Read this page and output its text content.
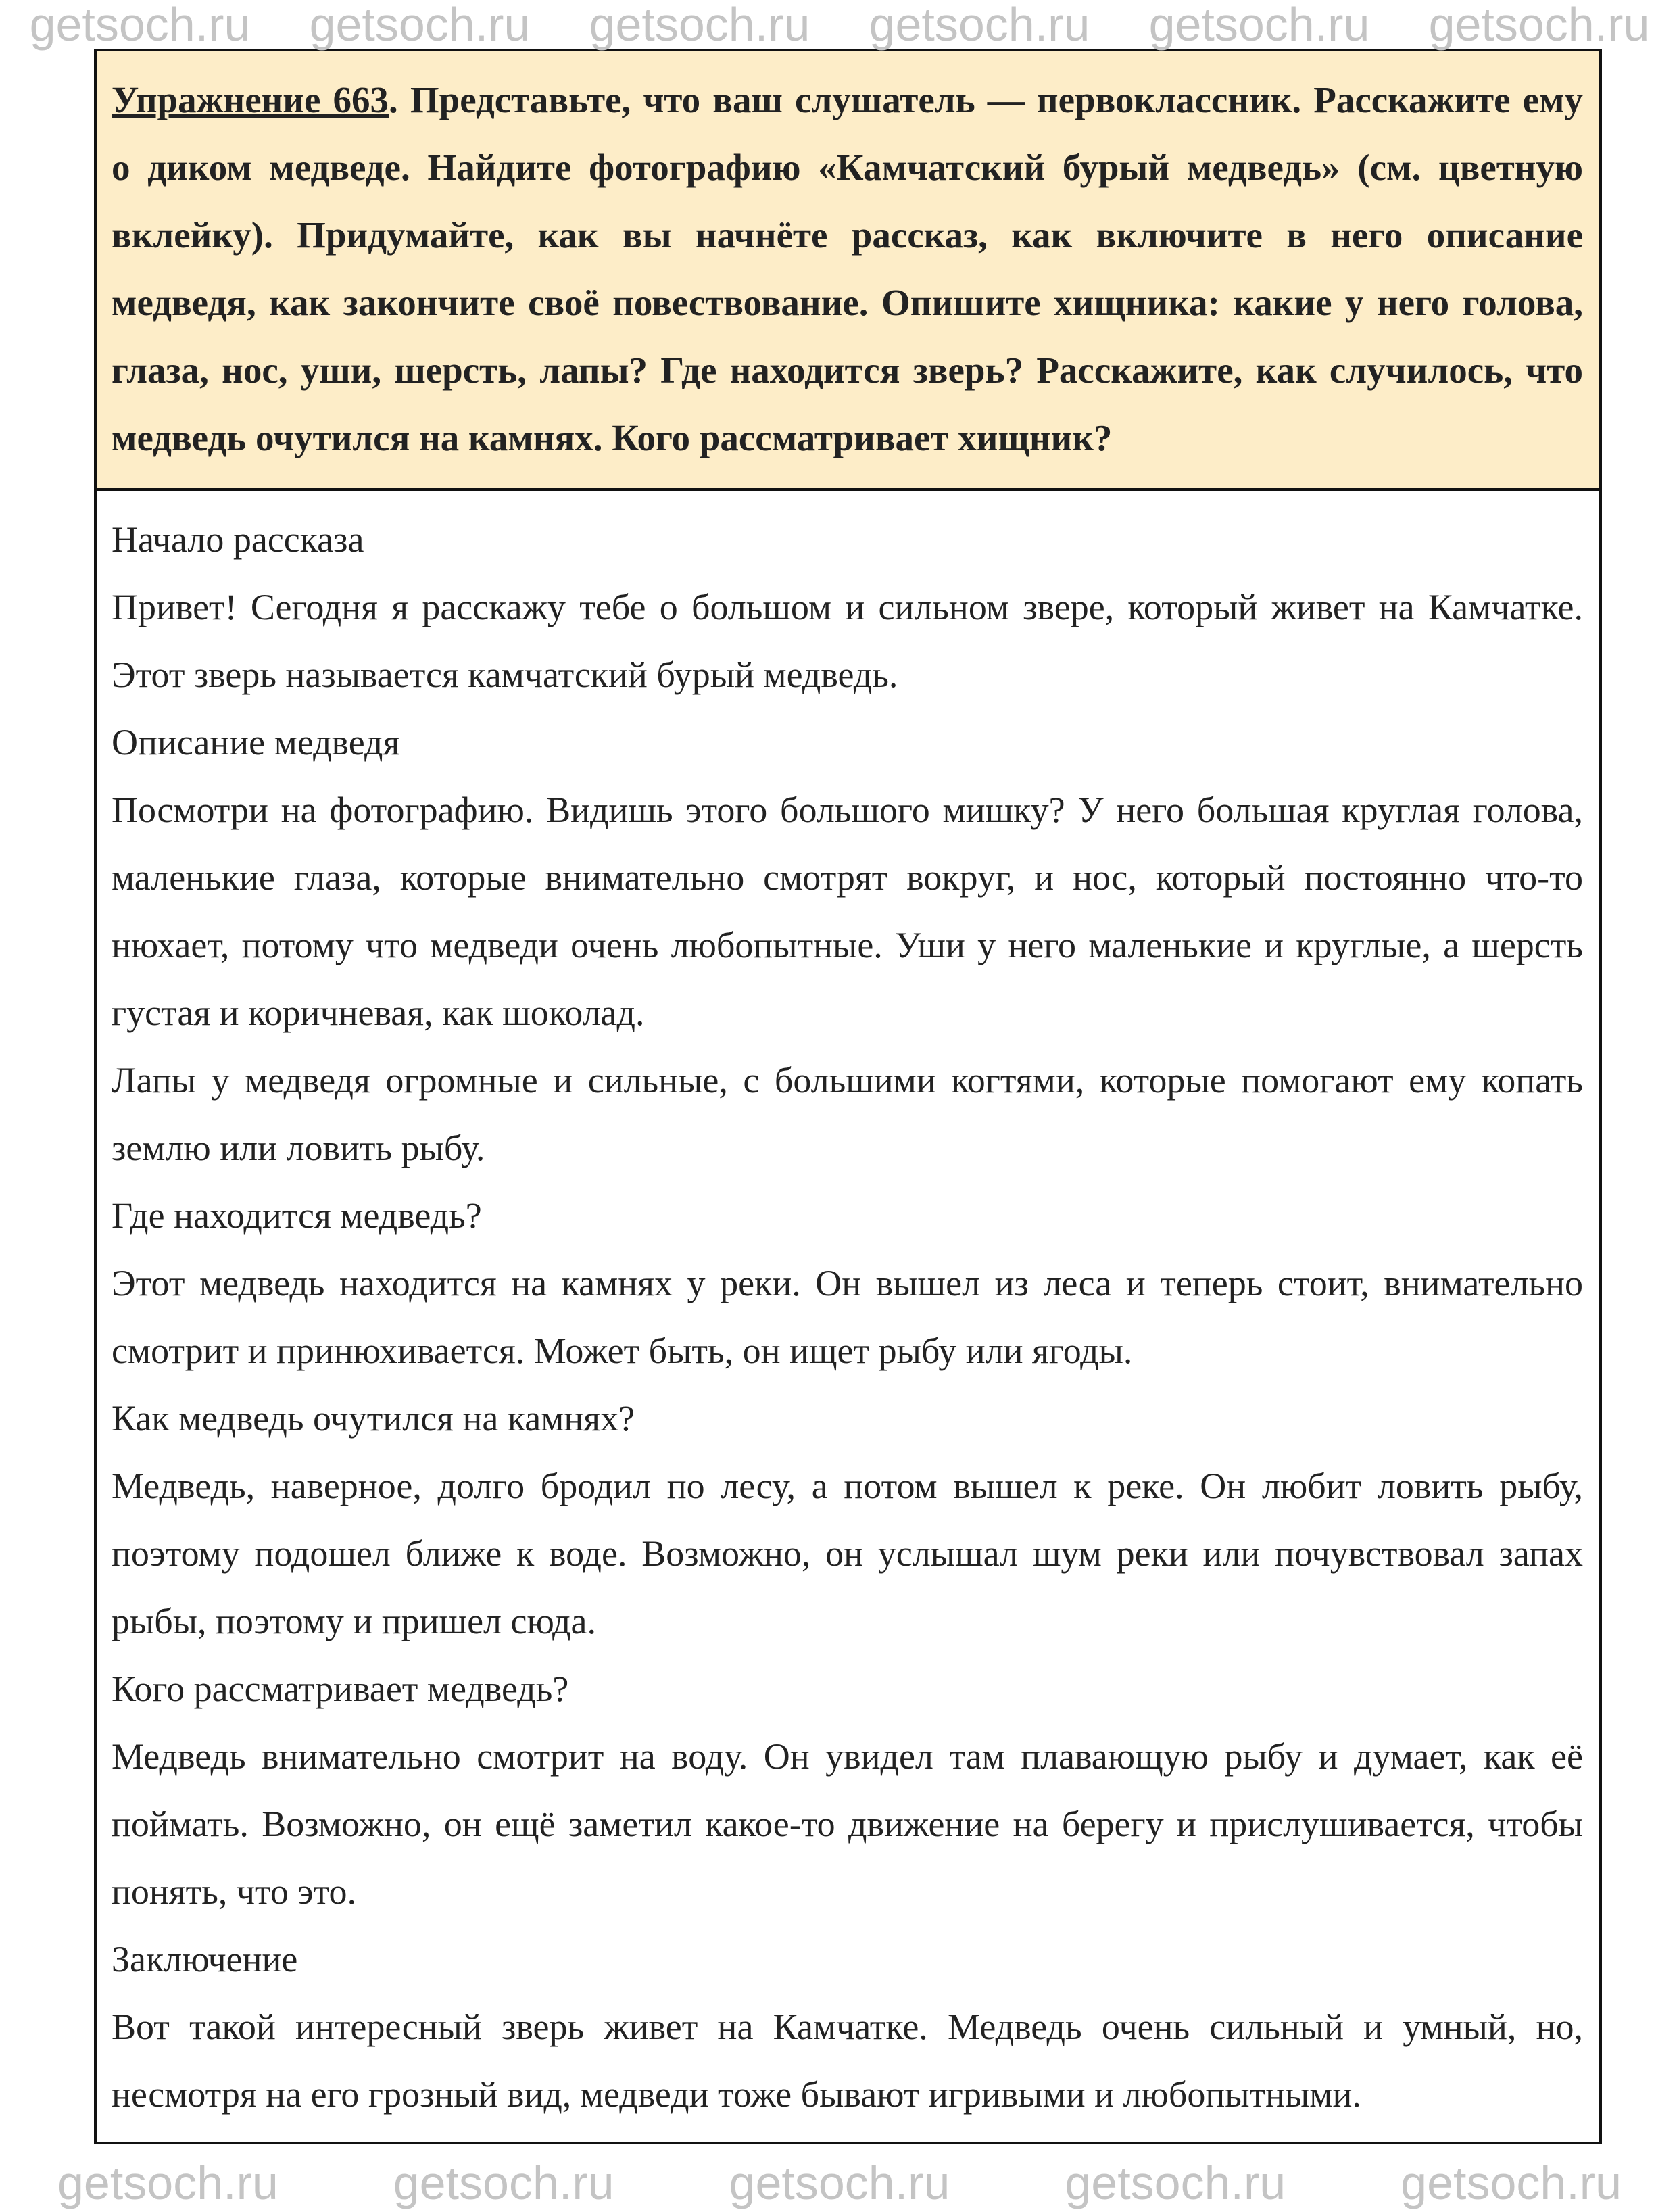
getsoch.ru getsoch.ru getsoch.ru getsoch.ru getsoch.ru getsoch.ru

Упражнение 663. Представьте, что ваш слушатель — первоклассник. Расскажите ему о диком медведе. Найдите фотографию «Камчатский бурый медведь» (см. цветную вклейку). Придумайте, как вы начнёте рассказ, как включите в него описание медведя, как закончите своё повествование. Опишите хищника: какие у него голова, глаза, нос, уши, шерсть, лапы? Где находится зверь? Расскажите, как случилось, что медведь очутился на камнях. Кого рассматривает хищник?

Начало рассказа

Привет! Сегодня я расскажу тебе о большом и сильном звере, который живет на Камчатке. Этот зверь называется камчатский бурый медведь.

Описание медведя

Посмотри на фотографию. Видишь этого большого мишку? У него большая круглая голова, маленькие глаза, которые внимательно смотрят вокруг, и нос, который постоянно что-то нюхает, потому что медведи очень любопытные. Уши у него маленькие и круглые, а шерсть густая и коричневая, как шоколад.

Лапы у медведя огромные и сильные, с большими когтями, которые помогают ему копать землю или ловить рыбу.

Где находится медведь?

Этот медведь находится на камнях у реки. Он вышел из леса и теперь стоит, внимательно смотрит и принюхивается. Может быть, он ищет рыбу или ягоды.

Как медведь очутился на камнях?

Медведь, наверное, долго бродил по лесу, а потом вышел к реке. Он любит ловить рыбу, поэтому подошел ближе к воде. Возможно, он услышал шум реки или почувствовал запах рыбы, поэтому и пришел сюда.

Кого рассматривает медведь?

Медведь внимательно смотрит на воду. Он увидел там плавающую рыбу и думает, как её поймать. Возможно, он ещё заметил какое-то движение на берегу и прислушивается, чтобы понять, что это.

Заключение

Вот такой интересный зверь живет на Камчатке. Медведь очень сильный и умный, но, несмотря на его грозный вид, медведи тоже бывают игривыми и любопытными.

getsoch.ru getsoch.ru getsoch.ru getsoch.ru getsoch.ru
